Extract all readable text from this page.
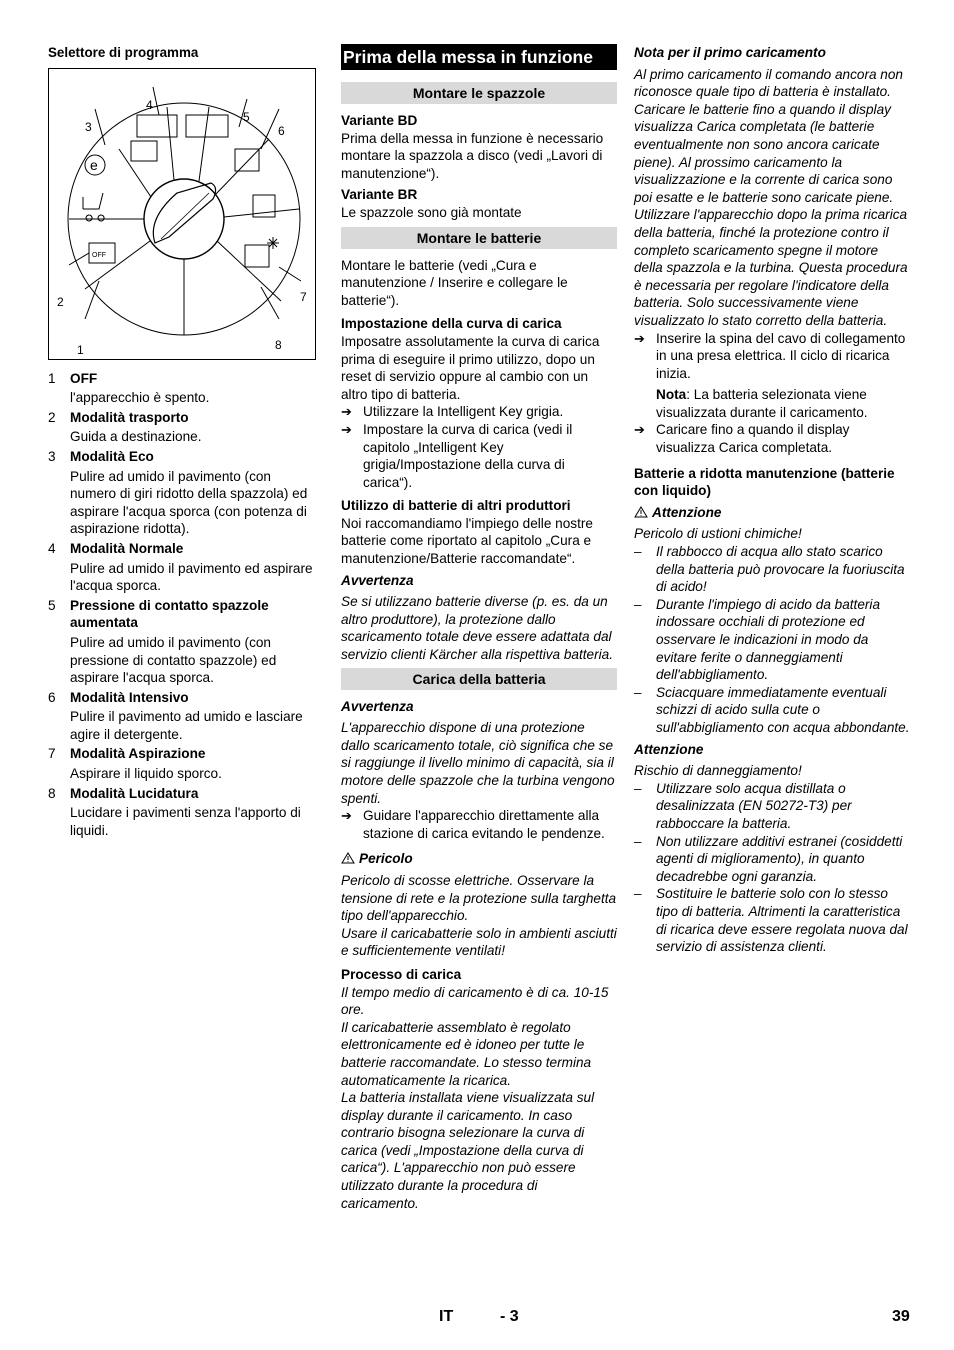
Selettore di programma
1
2
3
4
5
6
7
8
OFF
e
1	OFF
l'apparecchio è spento.
2	Modalità trasporto
Guida a destinazione.
3	Modalità Eco
Pulire ad umido il pavimento (con numero di giri ridotto della spazzola) ed aspirare l'acqua sporca (con potenza di aspirazione ridotta).
4	Modalità Normale
Pulire ad umido il pavimento ed aspirare l'acqua sporca.
5	Pressione di contatto spazzole aumentata
Pulire ad umido il pavimento (con pressione di contatto spazzole) ed aspirare l'acqua sporca.
6	Modalità Intensivo
Pulire il pavimento ad umido e lasciare agire il detergente.
7	Modalità Aspirazione
Aspirare il liquido sporco.
8	Modalità Lucidatura
Lucidare i pavimenti senza l'apporto di liquidi.
Prima della messa in funzione
Montare le spazzole
Variante BD
Prima della messa in funzione è necessario montare la spazzola a disco (vedi „Lavori di manutenzione“).
Variante BR
Le spazzole sono già montate
Montare le batterie
Montare le batterie (vedi „Cura e manutenzione / Inserire e collegare le batterie“).
Impostazione della curva di carica
Imposatre assolutamente la curva di carica prima di eseguire il primo utilizzo, dopo un reset di servizio oppure al cambio con un altro tipo di batteria.
➔ Utilizzare la Intelligent Key grigia.
➔ Impostare la curva di carica (vedi il capitolo „Intelligent Key grigia/Impostazione della curva di carica“).
Utilizzo di batterie di altri produttori
Noi raccomandiamo l'impiego delle nostre batterie come riportato al capitolo „Cura e manutenzione/Batterie raccomandate“.
Avvertenza
Se si utilizzano batterie diverse (p. es. da un altro produttore), la protezione dallo scaricamento totale deve essere adattata dal servizio clienti Kärcher alla rispettiva batteria.
Carica della batteria
Avvertenza
L'apparecchio dispone di una protezione dallo scaricamento totale, ciò significa che se si raggiunge il livello minimo di capacità, sia il motore delle spazzole che la turbina vengono spenti.
➔ Guidare l'apparecchio direttamente alla stazione di carica evitando le pendenze.
Pericolo
Pericolo di scosse elettriche. Osservare la tensione di rete e la protezione sulla targhetta tipo dell'apparecchio.
Usare il caricabatterie solo in ambienti asciutti e sufficientemente ventilati!
Processo di carica
Il tempo medio di caricamento è di ca. 10-15 ore.
Il caricabatterie assemblato è regolato elettronicamente ed è idoneo per tutte le batterie raccomandate. Lo stesso termina automaticamente la ricarica.
La batteria installata viene visualizzata sul display durante il caricamento. In caso contrario bisogna selezionare la curva di carica (vedi „Impostazione della curva di carica“). L'apparecchio non può essere utilizzato durante la procedura di caricamento.
Nota per il primo caricamento
Al primo caricamento il comando ancora non riconosce quale tipo di batteria è installato. Caricare le batterie fino a quando il display visualizza Carica completata (le batterie eventualmente non sono ancora caricate piene). Al prossimo caricamento la visualizzazione e la corrente di carica sono poi esatte e le batterie sono caricate piene. Utilizzare l'apparecchio dopo la prima ricarica della batteria, finché la protezione contro il completo scaricamento spegne il motore della spazzola e la turbina. Questa procedura è necessaria per regolare l'indicatore della batteria. Solo successivamente viene visualizzato lo stato corretto della batteria.
➔ Inserire la spina del cavo di collegamento in una presa elettrica. Il ciclo di ricarica inizia.
Nota: La batteria selezionata viene visualizzata durante il caricamento.
➔ Caricare fino a quando il display visualizza Carica completata.
Batterie a ridotta manutenzione (batterie con liquido)
Attenzione
Pericolo di ustioni chimiche!
–	Il rabbocco di acqua allo stato scarico della batteria può provocare la fuoriuscita di acido!
–	Durante l'impiego di acido da batteria indossare occhiali di protezione ed osservare le indicazioni in modo da evitare ferite o danneggiamenti dell'abbigliamento.
–	Sciacquare immediatamente eventuali schizzi di acido sulla cute o sull'abbigliamento con acqua abbondante.
Attenzione
Rischio di danneggiamento!
–	Utilizzare solo acqua distillata o desalinizzata (EN 50272-T3) per rabboccare la batteria.
–	Non utilizzare additivi estranei (cosiddetti agenti di miglioramento), in quanto decadrebbe ogni garanzia.
–	Sostituire le batterie solo con lo stesso tipo di batteria. Altrimenti la caratteristica di ricarica deve essere regolata nuova dal servizio di assistenza clienti.
IT	- 3	39
